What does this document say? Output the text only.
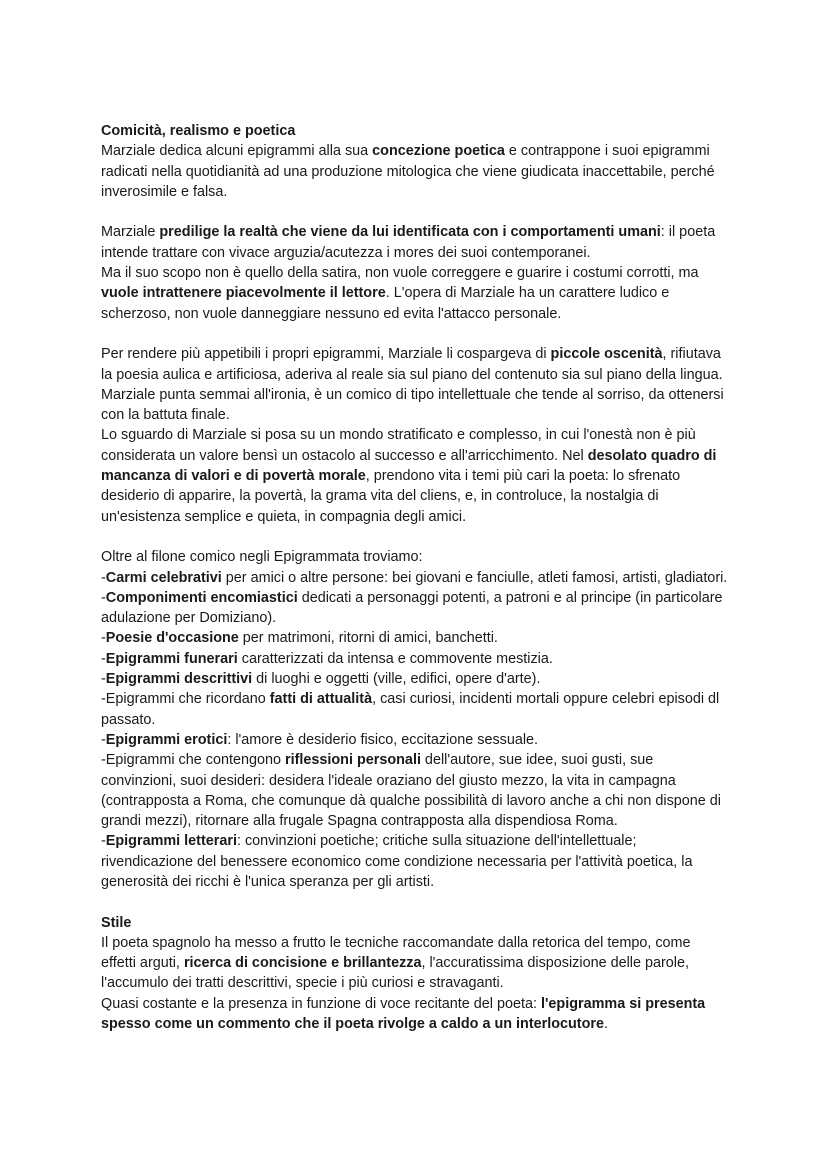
Comicità, realismo e poetica

Marziale dedica alcuni epigrammi alla sua concezione poetica e contrappone i suoi epigrammi radicati nella quotidianità ad una produzione mitologica che viene giudicata inaccettabile, perché inverosimile e falsa.

Marziale predilige la realtà che viene da lui identificata con i comportamenti umani: il poeta intende trattare con vivace arguzia/acutezza i mores dei suoi contemporanei.

Ma il suo scopo non è quello della satira, non vuole correggere e guarire i costumi corrotti, ma vuole intrattenere piacevolmente il lettore. L'opera di Marziale ha un carattere ludico e scherzoso, non vuole danneggiare nessuno ed evita l'attacco personale.

Per rendere più appetibili i propri epigrammi, Marziale li cospargeva di piccole oscenità, rifiutava la poesia aulica e artificiosa, aderiva al reale sia sul piano del contenuto sia sul piano della lingua.

Marziale punta semmai all'ironia, è un comico di tipo intellettuale che tende al sorriso, da ottenersi con la battuta finale.

Lo sguardo di Marziale si posa su un mondo stratificato e complesso, in cui l'onestà non è più considerata un valore bensì un ostacolo al successo e all'arricchimento. Nel desolato quadro di mancanza di valori e di povertà morale, prendono vita i temi più cari la poeta: lo sfrenato desiderio di apparire, la povertà, la grama vita del cliens, e, in controluce, la nostalgia di un'esistenza semplice e quieta, in compagnia degli amici.

Oltre al filone comico negli Epigrammata troviamo:

-Carmi celebrativi per amici o altre persone: bei giovani e fanciulle, atleti famosi, artisti, gladiatori.

-Componimenti encomiastici dedicati a personaggi potenti, a patroni e al principe (in particolare adulazione per Domiziano).

-Poesie d'occasione per matrimoni, ritorni di amici, banchetti.

-Epigrammi funerari caratterizzati da intensa e commovente mestizia.

-Epigrammi descrittivi di luoghi e oggetti (ville, edifici, opere d'arte).

-Epigrammi che ricordano fatti di attualità, casi curiosi, incidenti mortali oppure celebri episodi dl passato.

-Epigrammi erotici: l'amore è desiderio fisico, eccitazione sessuale.

-Epigrammi che contengono riflessioni personali dell'autore, sue idee, suoi gusti, sue convinzioni, suoi desideri: desidera l'ideale oraziano del giusto mezzo, la vita in campagna (contrapposta a Roma, che comunque dà qualche possibilità di lavoro anche a chi non dispone di grandi mezzi), ritornare alla frugale Spagna contrapposta alla dispendiosa Roma.

-Epigrammi letterari: convinzioni poetiche; critiche sulla situazione dell'intellettuale; rivendicazione del benessere economico come condizione necessaria per l'attività poetica, la generosità dei ricchi è l'unica speranza per gli artisti.

Stile

Il poeta spagnolo ha messo a frutto le tecniche raccomandate dalla retorica del tempo, come effetti arguti, ricerca di concisione e brillantezza, l'accuratissima disposizione delle parole, l'accumulo dei tratti descrittivi, specie i più curiosi e stravaganti.

Quasi costante e la presenza in funzione di voce recitante del poeta: l'epigramma si presenta spesso come un commento che il poeta rivolge a caldo a un interlocutore.
